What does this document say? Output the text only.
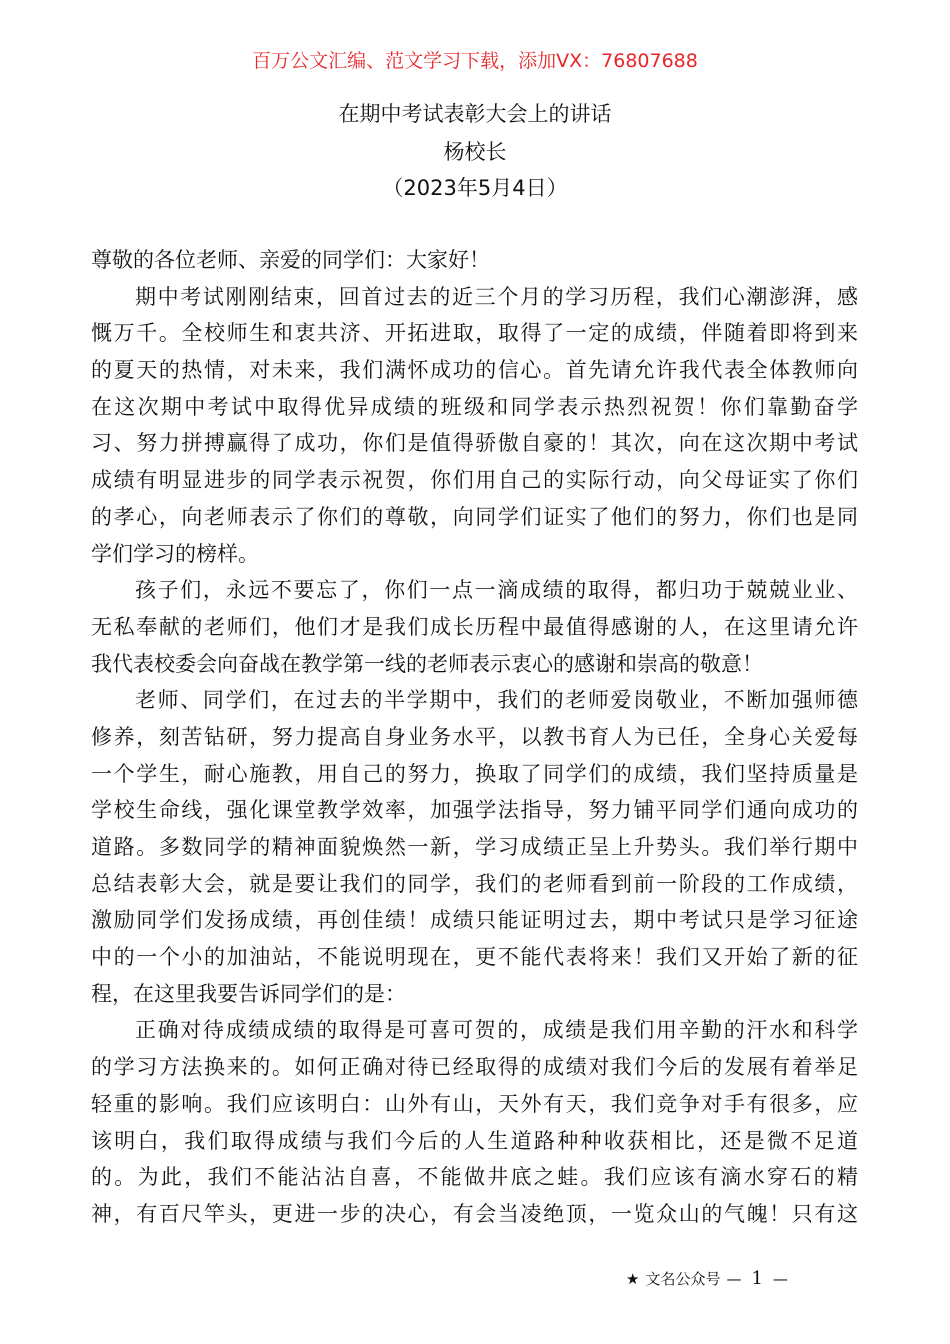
百万公文汇编、范文学习下载，添加VX：76807688
在期中考试表彰大会上的讲话
杨校长
（2023年5月4日）
尊敬的各位老师、亲爱的同学们：大家好！
期中考试刚刚结束，回首过去的近三个月的学习历程，我们心潮澎湃，感
慨万千。全校师生和衷共济、开拓进取，取得了一定的成绩，伴随着即将到来
的夏天的热情，对未来，我们满怀成功的信心。首先请允许我代表全体教师向
在这次期中考试中取得优异成绩的班级和同学表示热烈祝贺！你们靠勤奋学
习、努力拼搏赢得了成功，你们是值得骄傲自豪的！其次，向在这次期中考试
成绩有明显进步的同学表示祝贺，你们用自己的实际行动，向父母证实了你们
的孝心，向老师表示了你们的尊敬，向同学们证实了他们的努力，你们也是同
学们学习的榜样。
孩子们，永远不要忘了，你们一点一滴成绩的取得，都归功于兢兢业业、
无私奉献的老师们，他们才是我们成长历程中最值得感谢的人，在这里请允许
我代表校委会向奋战在教学第一线的老师表示衷心的感谢和崇高的敬意！
老师、同学们，在过去的半学期中，我们的老师爱岗敬业，不断加强师德
修养，刻苦钻研，努力提高自身业务水平，以教书育人为已任，全身心关爱每
一个学生，耐心施教，用自己的努力，换取了同学们的成绩，我们坚持质量是
学校生命线，强化课堂教学效率，加强学法指导，努力铺平同学们通向成功的
道路。多数同学的精神面貌焕然一新，学习成绩正呈上升势头。我们举行期中
总结表彰大会，就是要让我们的同学，我们的老师看到前一阶段的工作成绩，
激励同学们发扬成绩，再创佳绩！成绩只能证明过去，期中考试只是学习征途
中的一个小的加油站，不能说明现在，更不能代表将来！我们又开始了新的征
程，在这里我要告诉同学们的是：
正确对待成绩成绩的取得是可喜可贺的，成绩是我们用辛勤的汗水和科学
的学习方法换来的。如何正确对待已经取得的成绩对我们今后的发展有着举足
轻重的影响。我们应该明白：山外有山，天外有天，我们竞争对手有很多，应
该明白，我们取得成绩与我们今后的人生道路种种收获相比，还是微不足道
的。为此，我们不能沾沾自喜，不能做井底之蛙。我们应该有滴水穿石的精
神，有百尺竿头，更进一步的决心，有会当凌绝顶，一览众山的气魄！只有这
★ 文名公众号 — 1 —
